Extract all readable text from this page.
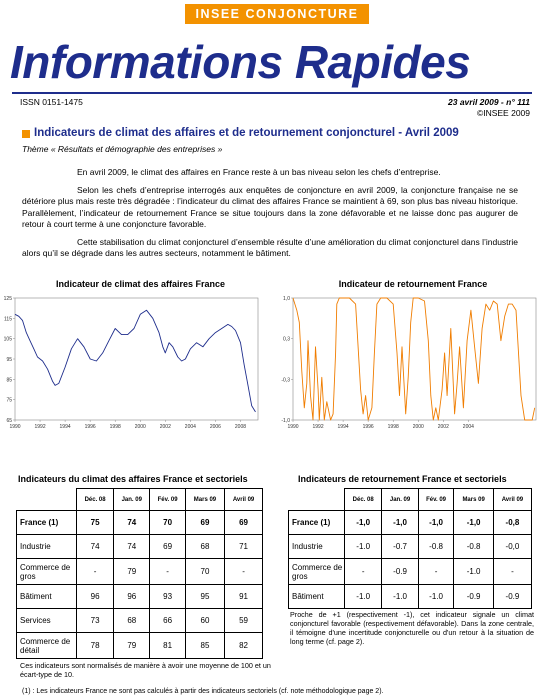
INSEE CONJONCTURE
Informations Rapides
ISSN 0151-1475	23 avril 2009 - n° 111
©INSEE 2009
Indicateurs de climat des affaires et de retournement conjoncturel - Avril 2009
Thème « Résultats et démographie des entreprises »

En avril 2009, le climat des affaires en France reste à un bas niveau selon les chefs d’entreprise.

Selon les chefs d’entreprise interrogés aux enquêtes de conjoncture en avril 2009, la conjoncture française ne se détériore plus mais reste très dégradée : l’indicateur du climat des affaires France se maintient à 69, son plus bas niveau historique. Parallèlement, l’indicateur de retournement France se situe toujours dans la zone défavorable et ne laisse donc pas augurer de retour à court terme à une conjoncture favorable.

Cette stabilisation du climat conjoncturel d’ensemble résulte d’une amélioration du climat conjoncturel dans l’industrie alors qu’il se dégrade dans les autres secteurs, notamment le bâtiment.

Indicateur de climat des affaires France
125
115
105
95
85
75
65
1990	1992	1994	1996	1998	2000	2002	2004	2006	2008
Indicateur de retournement France
1,0
0,3
-0,3
-1,0
1990	1992	1994	1996	1998	2000	2002	2004
Indicateurs du climat des affaires France et sectoriels
	Déc. 08	Jan. 09	Fév. 09	Mars 09	Avril 09
France (1)	75	74	70	69	69
Industrie	74	74	69	68	71
Commerce de gros	-	79	-	70	-
Bâtiment	96	96	93	95	91
Services	73	68	66	60	59
Commerce de détail	78	79	81	85	82
Ces indicateurs sont normalisés de manière à avoir une moyenne de 100 et un écart-type de 10.
Indicateurs de retournement France et sectoriels
	Déc. 08	Jan. 09	Fév. 09	Mars 09	Avril 09
France (1)	-1,0	-1,0	-1,0	-1,0	-0,8
Industrie	-1.0	-0.7	-0.8	-0.8	-0,0
Commerce de gros	-	-0.9	-	-1.0	-
Bâtiment	-1.0	-1.0	-1.0	-0.9	-0.9
Proche de +1 (respectivement -1), cet indicateur signale un climat conjoncturel favorable (respectivement défavorable). Dans la zone centrale, il témoigne d'une incertitude conjoncturelle ou d'un retour à la situation de long terme (cf. page 2).
(1) : Les indicateurs France ne sont pas calculés à partir des indicateurs sectoriels (cf. note méthodologique page 2).
